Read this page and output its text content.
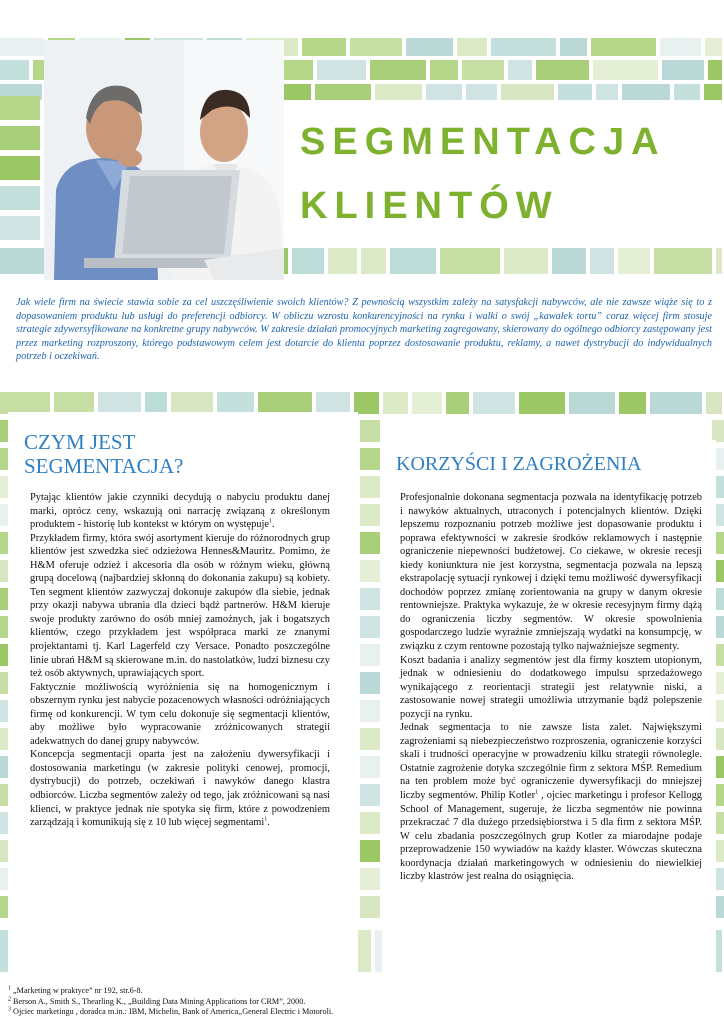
SEGMENTACJA
KLIENTÓW
Jak wiele firm na świecie stawia sobie za cel uszczęśliwienie swoich klientów? Z pewnością wszystkim zależy na satysfakcji nabywców, ale nie zawsze wiąże się to z dopasowaniem produktu lub usługi do preferencji odbiorcy. W obliczu wzrostu konkurencyjności na rynku i walki o swój „kawałek tortu” coraz więcej firm stosuje strategie zdywersyfikowane na konkretne grupy nabywców. W zakresie działań promocyjnych marketing zagregowany, skierowany do ogólnego odbiorcy zastępowany jest przez marketing rozproszony, którego podstawowym celem jest dotarcie do klienta poprzez dostosowanie produktu, reklamy, a nawet dystrybucji do indywidualnych potrzeb i oczekiwań.
CZYM JEST
SEGMENTACJA?

Pytając klientów jakie czynniki decydują o nabyciu produktu danej marki, oprócz ceny, wskazują oni narrację związaną z określonym produktem - historię lub kontekst w którym on występuje$^1$.

Przykładem firmy, która swój asortyment kieruje do różnorodnych grup klientów jest szwedzka sieć odzieżowa Hennes&Mauritz. Pomimo, że H&M oferuje odzież i akcesoria dla osób w różnym wieku, główną grupą docelową (najbardziej skłonną do dokonania zakupu) są kobiety. Ten segment klientów zazwyczaj dokonuje zakupów dla siebie, jednak przy okazji nabywa ubrania dla dzieci bądź partnerów. H&M kieruje swoje produkty zarówno do osób mniej zamożnych, jak i bogatszych klientów, czego przykładem jest współpraca marki ze znanymi projektantami tj. Karl Lagerfeld czy Versace. Ponadto poszczególne linie ubrań H&M są skierowane m.in. do nastolatków, ludzi biznesu czy też osób aktywnych, uprawiających sport.

Faktycznie możliwością wyróżnienia się na homogenicznym i obszernym rynku jest nabycie pozacenowych własności odróżniających firmę od konkurencji. W tym celu dokonuje się segmentacji klientów, aby możliwe było wypracowanie zróżnicowanych strategii adekwatnych do danej grupy nabywców.

Koncepcja segmentacji oparta jest na założeniu dywersyfikacji i dostosowania marketingu (w zakresie polityki cenowej, promocji, dystrybucji) do potrzeb, oczekiwań i nawyków danego klastra odbiorców. Liczba segmentów zależy od tego, jak zróżnicowani są nasi klienci, w praktyce jednak nie spotyka się firm, które z powodzeniem zarządzają i komunikują się z 10 lub więcej segmentami$^1$.

KORZYŚCI I ZAGROŻENIA

Profesjonalnie dokonana segmentacja pozwala na identyfikację potrzeb i nawyków aktualnych, utraconych i potencjalnych klientów. Dzięki lepszemu rozpoznaniu potrzeb możliwe jest dopasowanie produktu i poprawa efektywności w zakresie środków reklamowych i następnie ograniczenie niepewności budżetowej. Co ciekawe, w okresie recesji kiedy koniunktura nie jest korzystna, segmentacja pozwala na lepszą ekstrapolację sytuacji rynkowej i dzięki temu możliwość dywersyfikacji dochodów poprzez zmianę zorientowania na grupy w danym okresie rentowniejsze. Praktyka wykazuje, że w okresie recesyjnym firmy dążą do ograniczenia liczby segmentów. W okresie spowolnienia gospodarczego ludzie wyraźnie zmniejszają wydatki na konsumpcję, w związku z czym rentowne pozostają tylko najważniejsze segmenty.

Koszt badania i analizy segmentów jest dla firmy kosztem utopionym, jednak w odniesieniu do dodatkowego impulsu sprzedażowego wynikającego z reorientacji strategii jest relatywnie niski, a zastosowanie nowej strategii umożliwia utrzymanie bądź polepszenie pozycji na rynku.

Jednak segmentacja to nie zawsze lista zalet. Największymi zagrożeniami są niebezpieczeństwo rozproszenia, ograniczenie korzyści skali i trudności operacyjne w prowadzeniu kilku strategii równolegle. Ostatnie zagrożenie dotyka szczególnie firm z sektora MŚP. Remedium na ten problem może być ograniczenie dywersyfikacji do mniejszej liczby segmentów. Philip Kotler$^1$ , ojciec marketingu i profesor Kellogg School of Management, sugeruje, że liczba segmentów nie powinna przekraczać 7 dla dużego przedsiębiorstwa i 5 dla firm z sektora MŚP. W celu zbadania poszczególnych grup Kotler za miarodajne podaje przeprowadzenie 150 wywiadów na każdy klaster. Wówczas skuteczna koordynacja działań marketingowych w odniesieniu do niewielkiej liczby klastrów jest realna do osiągnięcia.

$^1$ „Marketing w praktyce” nr 192, str.6-8.
$^2$ Berson A., Smith S., Thearling K., „Building Data Mining Applications for CRM”, 2000.
$^3$ Ojciec marketingu , doradca m.in.: IBM, Michelin, Bank of America,,General Electric i Motoroli.
